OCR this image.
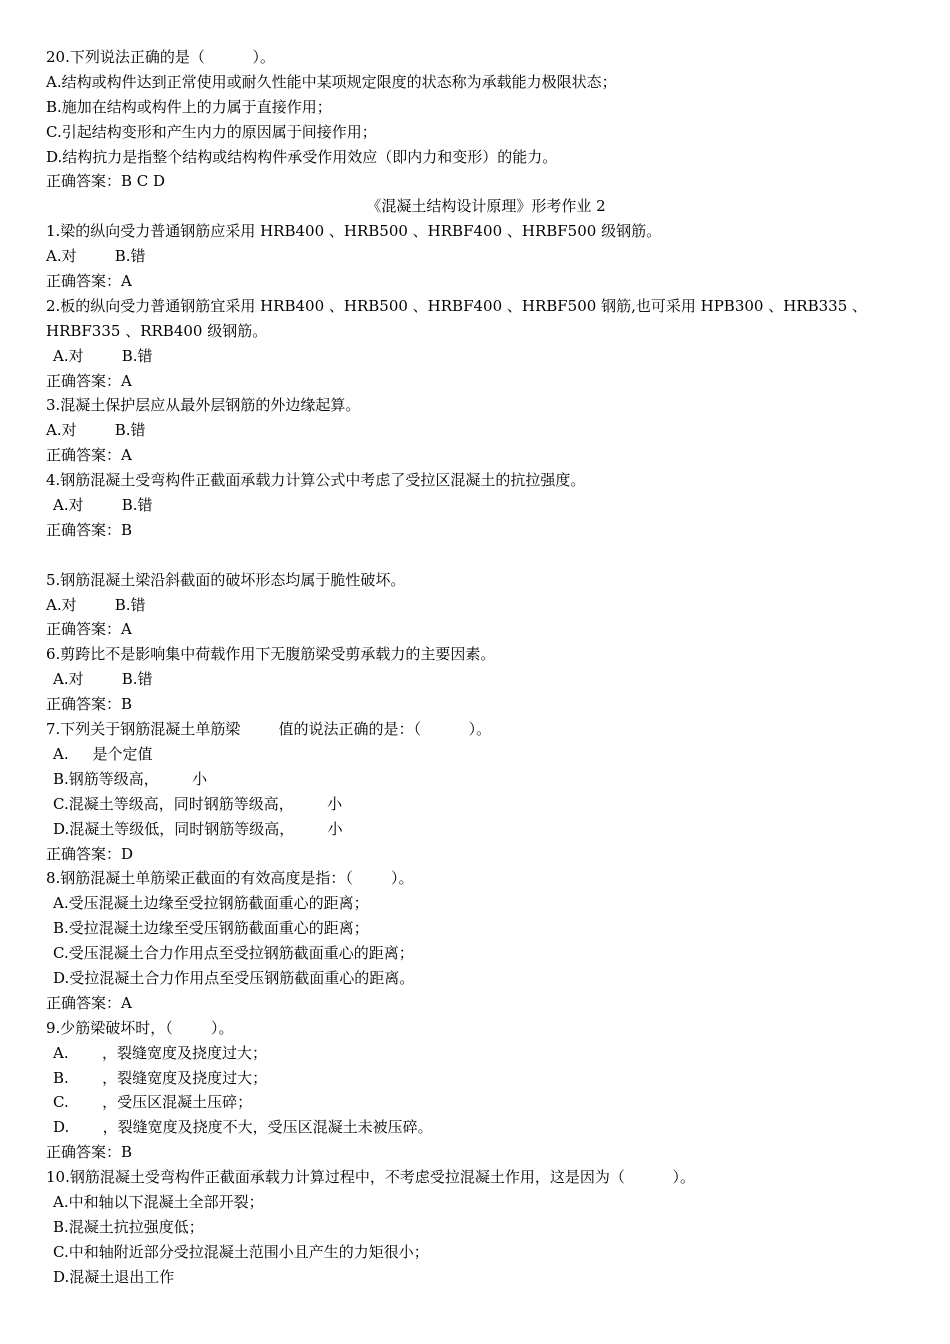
20.下列说法正确的是（          ）。
A.结构或构件达到正常使用或耐久性能中某项规定限度的状态称为承载能力极限状态；
B.施加在结构或构件上的力属于直接作用；
C.引起结构变形和产生内力的原因属于间接作用；
D.结构抗力是指整个结构或结构构件承受作用效应（即内力和变形）的能力。
正确答案：B C D
《混凝土结构设计原理》形考作业 2
1.梁的纵向受力普通钢筋应采用 HRB400 、HRB500 、HRBF400 、HRBF500 级钢筋。
A.对        B.错
正确答案：A
2.板的纵向受力普通钢筋宜采用 HRB400 、HRB500 、HRBF400 、HRBF500 钢筋,也可采用 HPB300 、HRB335 、
HRBF335 、RRB400 级钢筋。
A.对        B.错
正确答案：A
3.混凝土保护层应从最外层钢筋的外边缘起算。
A.对        B.错
正确答案：A
4.钢筋混凝土受弯构件正截面承载力计算公式中考虑了受拉区混凝土的抗拉强度。
A.对        B.错
正确答案：B
5.钢筋混凝土梁沿斜截面的破坏形态均属于脆性破坏。
A.对        B.错
正确答案：A
6.剪跨比不是影响集中荷载作用下无腹筋梁受剪承载力的主要因素。
A.对        B.错
正确答案：B
7.下列关于钢筋混凝土单筋梁        值的说法正确的是：（          ）。
A.     是个定值
B.钢筋等级高，       小
C.混凝土等级高，同时钢筋等级高，       小
D.混凝土等级低，同时钢筋等级高，       小
正确答案：D
8.钢筋混凝土单筋梁正截面的有效高度是指：（        ）。
A.受压混凝土边缘至受拉钢筋截面重心的距离；
B.受拉混凝土边缘至受压钢筋截面重心的距离；
C.受压混凝土合力作用点至受拉钢筋截面重心的距离；
D.受拉混凝土合力作用点至受压钢筋截面重心的距离。
正确答案：A
9.少筋梁破坏时，（        ）。
A.       ，裂缝宽度及挠度过大；
B.       ，裂缝宽度及挠度过大；
C.       ，受压区混凝土压碎；
D.       ，裂缝宽度及挠度不大，受压区混凝土未被压碎。
正确答案：B
10.钢筋混凝土受弯构件正截面承载力计算过程中，不考虑受拉混凝土作用，这是因为（          ）。
A.中和轴以下混凝土全部开裂；
B.混凝土抗拉强度低；
C.中和轴附近部分受拉混凝土范围小且产生的力矩很小；
D.混凝土退出工作
